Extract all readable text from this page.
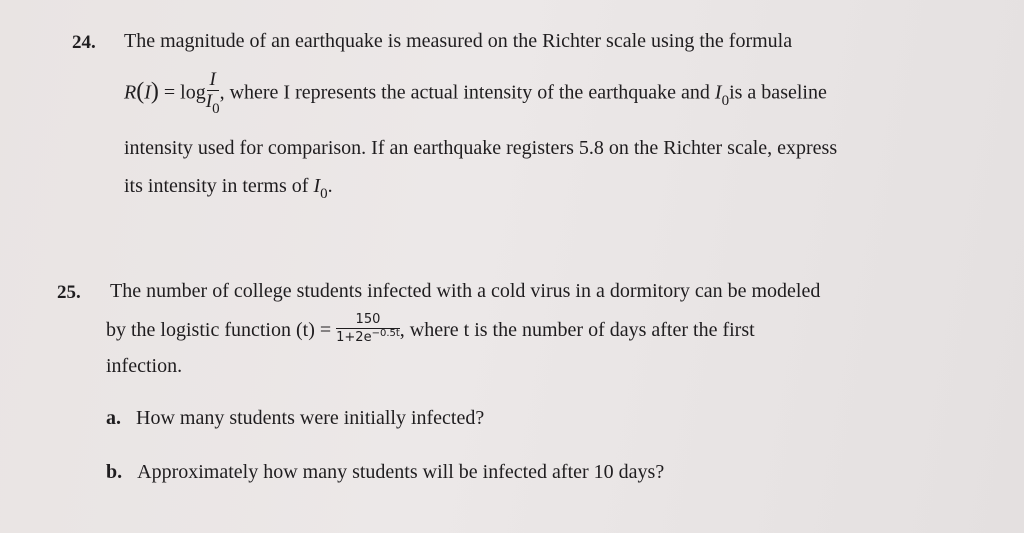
24. The magnitude of an earthquake is measured on the Richter scale using the formula
$R(I) = \log \frac{I}{I_0}$ , where I represents the actual intensity of the earthquake and $I_0is$ a baseline
intensity used for comparison. If an earthquake registers 5.8 on the Richter scale, express
its intensity in terms of $I_0$.
25. The number of college students infected with a cold virus in a dormitory can be modeled
by the logistic function $(t) = \frac{150}{1+2e^{-0.5t}}$ , where t is the number of days after the first
infection.
a. How many students were initially infected?
b. Approximately how many students will be infected after 10 days?
